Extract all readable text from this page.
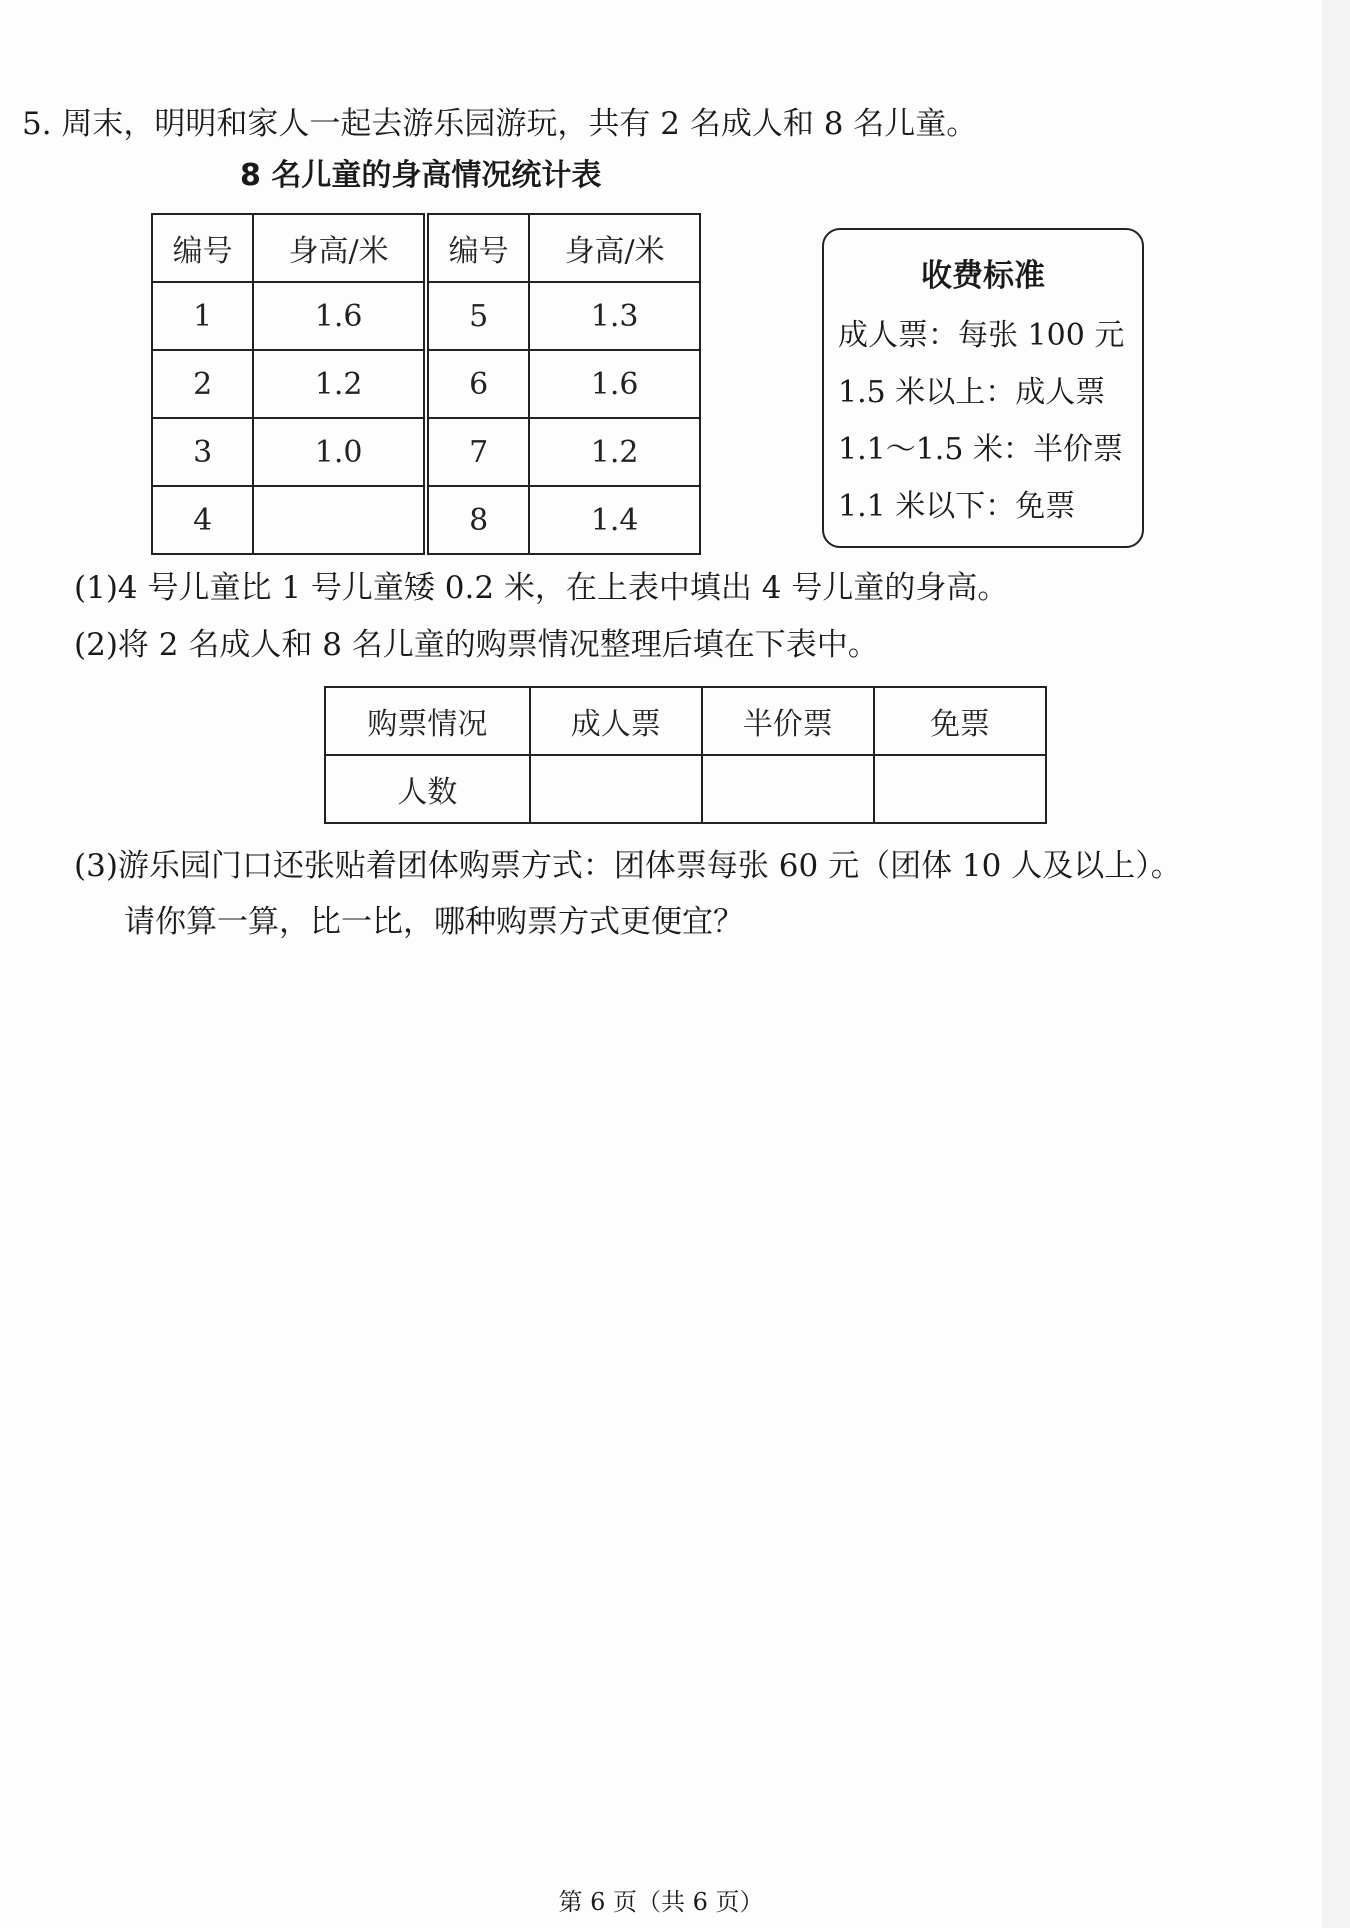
5. 周末，明明和家人一起去游乐园游玩，共有 2 名成人和 8 名儿童。
8 名儿童的身高情况统计表
编号	身高/米	编号	身高/米
1	1.6	5	1.3
2	1.2	6	1.6
3	1.0	7	1.2
4		8	1.4
收费标准
成人票：每张 100 元
1.5 米以上：成人票
1.1～1.5 米：半价票
1.1 米以下：免票
(1)4 号儿童比 1 号儿童矮 0.2 米，在上表中填出 4 号儿童的身高。
(2)将 2 名成人和 8 名儿童的购票情况整理后填在下表中。
购票情况	成人票	半价票	免票
人数			
(3)游乐园门口还张贴着团体购票方式：团体票每张 60 元（团体 10 人及以上）。
请你算一算，比一比，哪种购票方式更便宜？
第 6 页（共 6 页）
